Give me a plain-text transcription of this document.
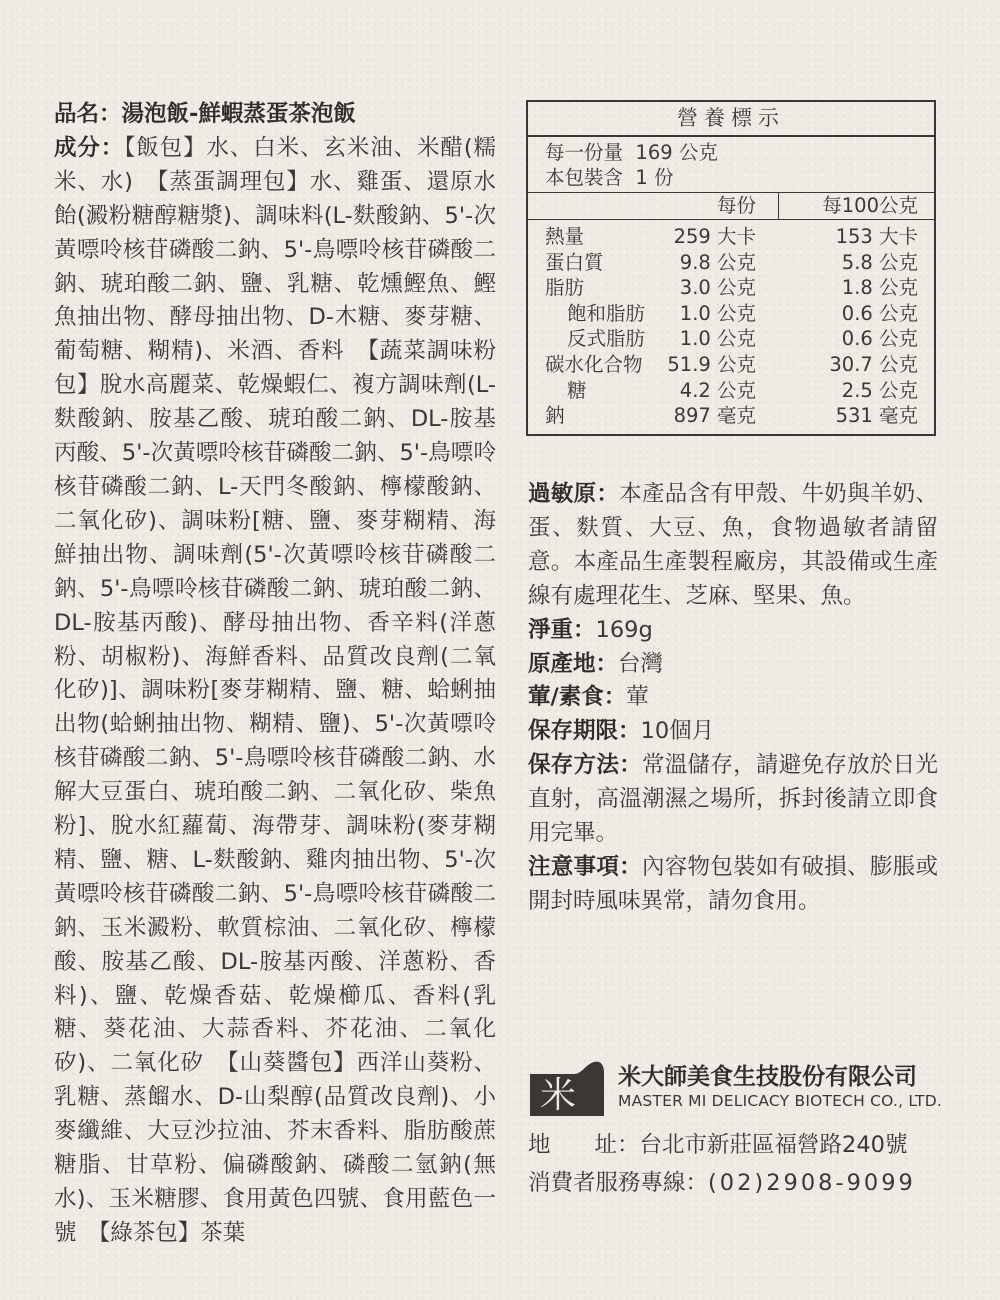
品名：湯泡飯-鮮蝦蒸蛋茶泡飯

成分：【飯包】水、白米、玄米油、米醋(糯米、水)　【蒸蛋調理包】水、雞蛋、還原水飴(澱粉糖醇糖漿)、調味料(L-麩酸鈉、5'-次黃嘌呤核苷磷酸二鈉、5'-鳥嘌呤核苷磷酸二鈉、琥珀酸二鈉、鹽、乳糖、乾燻鰹魚、鰹魚抽出物、酵母抽出物、D-木糖、麥芽糖、葡萄糖、糊精)、米酒、香料　【蔬菜調味粉包】脫水高麗菜、乾燥蝦仁、複方調味劑(L-麩酸鈉、胺基乙酸、琥珀酸二鈉、DL-胺基丙酸、5'-次黃嘌呤核苷磷酸二鈉、5'-鳥嘌呤核苷磷酸二鈉、L-天門冬酸鈉、檸檬酸鈉、二氧化矽)、調味粉[糖、鹽、麥芽糊精、海鮮抽出物、調味劑(5'-次黃嘌呤核苷磷酸二鈉、5'-鳥嘌呤核苷磷酸二鈉、琥珀酸二鈉、DL-胺基丙酸)、酵母抽出物、香辛料(洋蔥粉、胡椒粉)、海鮮香料、品質改良劑(二氧化矽)]、調味粉[麥芽糊精、鹽、糖、蛤蜊抽出物(蛤蜊抽出物、糊精、鹽)、5'-次黃嘌呤核苷磷酸二鈉、5'-鳥嘌呤核苷磷酸二鈉、水解大豆蛋白、琥珀酸二鈉、二氧化矽、柴魚粉]、脫水紅蘿蔔、海帶芽、調味粉(麥芽糊精、鹽、糖、L-麩酸鈉、雞肉抽出物、5'-次黃嘌呤核苷磷酸二鈉、5'-鳥嘌呤核苷磷酸二鈉、玉米澱粉、軟質棕油、二氧化矽、檸檬酸、胺基乙酸、DL-胺基丙酸、洋蔥粉、香料)、鹽、乾燥香菇、乾燥櫛瓜、香料(乳糖、葵花油、大蒜香料、芥花油、二氧化矽)、二氧化矽　【山葵醬包】西洋山葵粉、乳糖、蒸餾水、D-山梨醇(品質改良劑)、小麥纖維、大豆沙拉油、芥末香料、脂肪酸蔗糖脂、甘草粉、偏磷酸鈉、磷酸二氫鈉(無水)、玉米糖膠、食用黃色四號、食用藍色一號　【綠茶包】茶葉

營養標示
每一份量 169 公克
本包裝含 1 份
每份	每100公克
熱量	259 大卡	153 大卡
蛋白質	9.8 公克	5.8 公克
脂肪	3.0 公克	1.8 公克
飽和脂肪 1.0 公克	0.6 公克
反式脂肪 1.0 公克	0.6 公克
碳水化合物 51.9 公克	30.7 公克
糖	4.2 公克	2.5 公克
鈉	897 毫克	531 毫克

過敏原：本產品含有甲殼、牛奶與羊奶、蛋、麩質、大豆、魚，食物過敏者請留意。本產品生產製程廠房，其設備或生產線有處理花生、芝麻、堅果、魚。

淨重：169g

原產地：台灣

葷/素食：葷

保存期限：10個月

保存方法：常溫儲存，請避免存放於日光直射，高溫潮濕之場所，拆封後請立即食用完畢。

注意事項：內容物包裝如有破損、膨脹或開封時風味異常，請勿食用。

米 米大師美食生技股份有限公司
MASTER MI DELICACY BIOTECH CO., LTD.
地 址：台北市新莊區福營路240號
消費者服務專線：(02)2908-9099
